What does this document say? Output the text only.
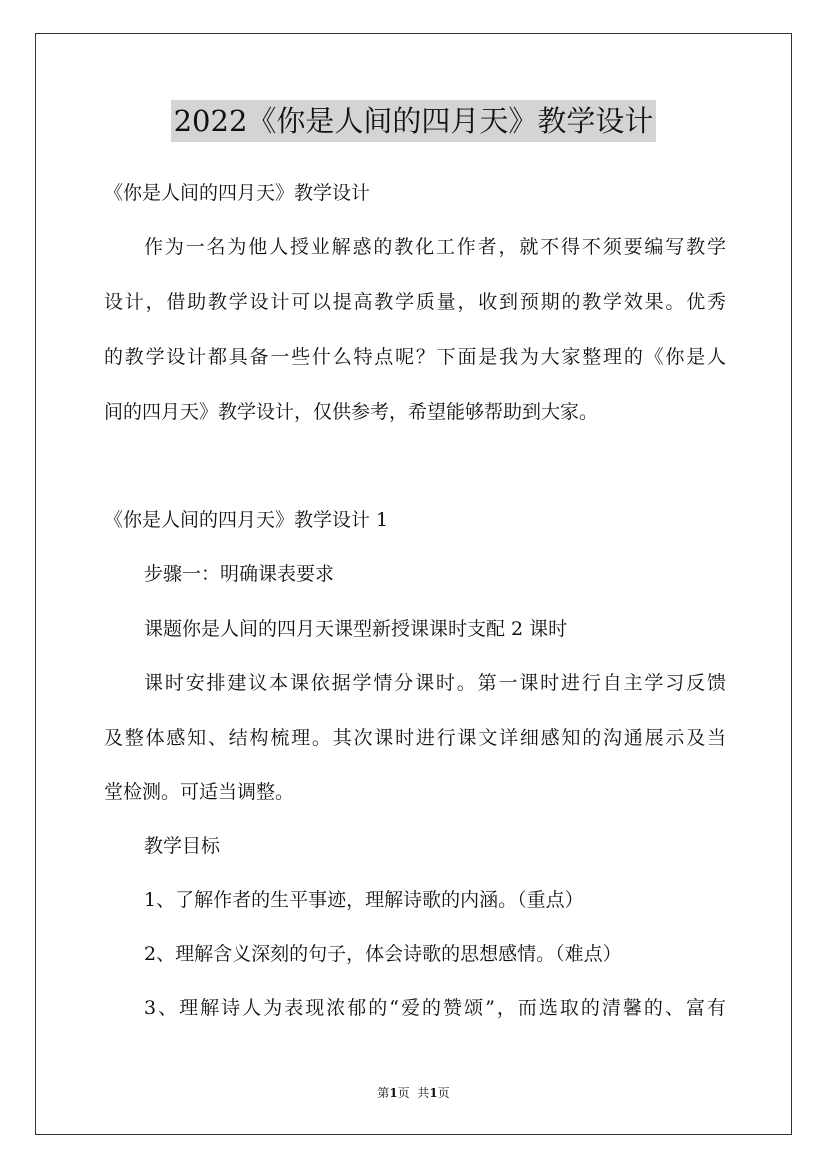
2022《你是人间的四月天》教学设计
《你是人间的四月天》教学设计
作为一名为他人授业解惑的教化工作者，就不得不须要编写教学
设计，借助教学设计可以提高教学质量，收到预期的教学效果。优秀
的教学设计都具备一些什么特点呢？下面是我为大家整理的《你是人
间的四月天》教学设计，仅供参考，希望能够帮助到大家。
《你是人间的四月天》教学设计 1
步骤一：明确课表要求
课题你是人间的四月天课型新授课课时支配 2 课时
课时安排建议本课依据学情分课时。第一课时进行自主学习反馈
及整体感知、结构梳理。其次课时进行课文详细感知的沟通展示及当
堂检测。可适当调整。
教学目标
1、了解作者的生平事迹，理解诗歌的内涵。（重点）
2、理解含义深刻的句子，体会诗歌的思想感情。（难点）
3、理解诗人为表现浓郁的“爱的赞颂”，而选取的清馨的、富有
第1页  共1页
